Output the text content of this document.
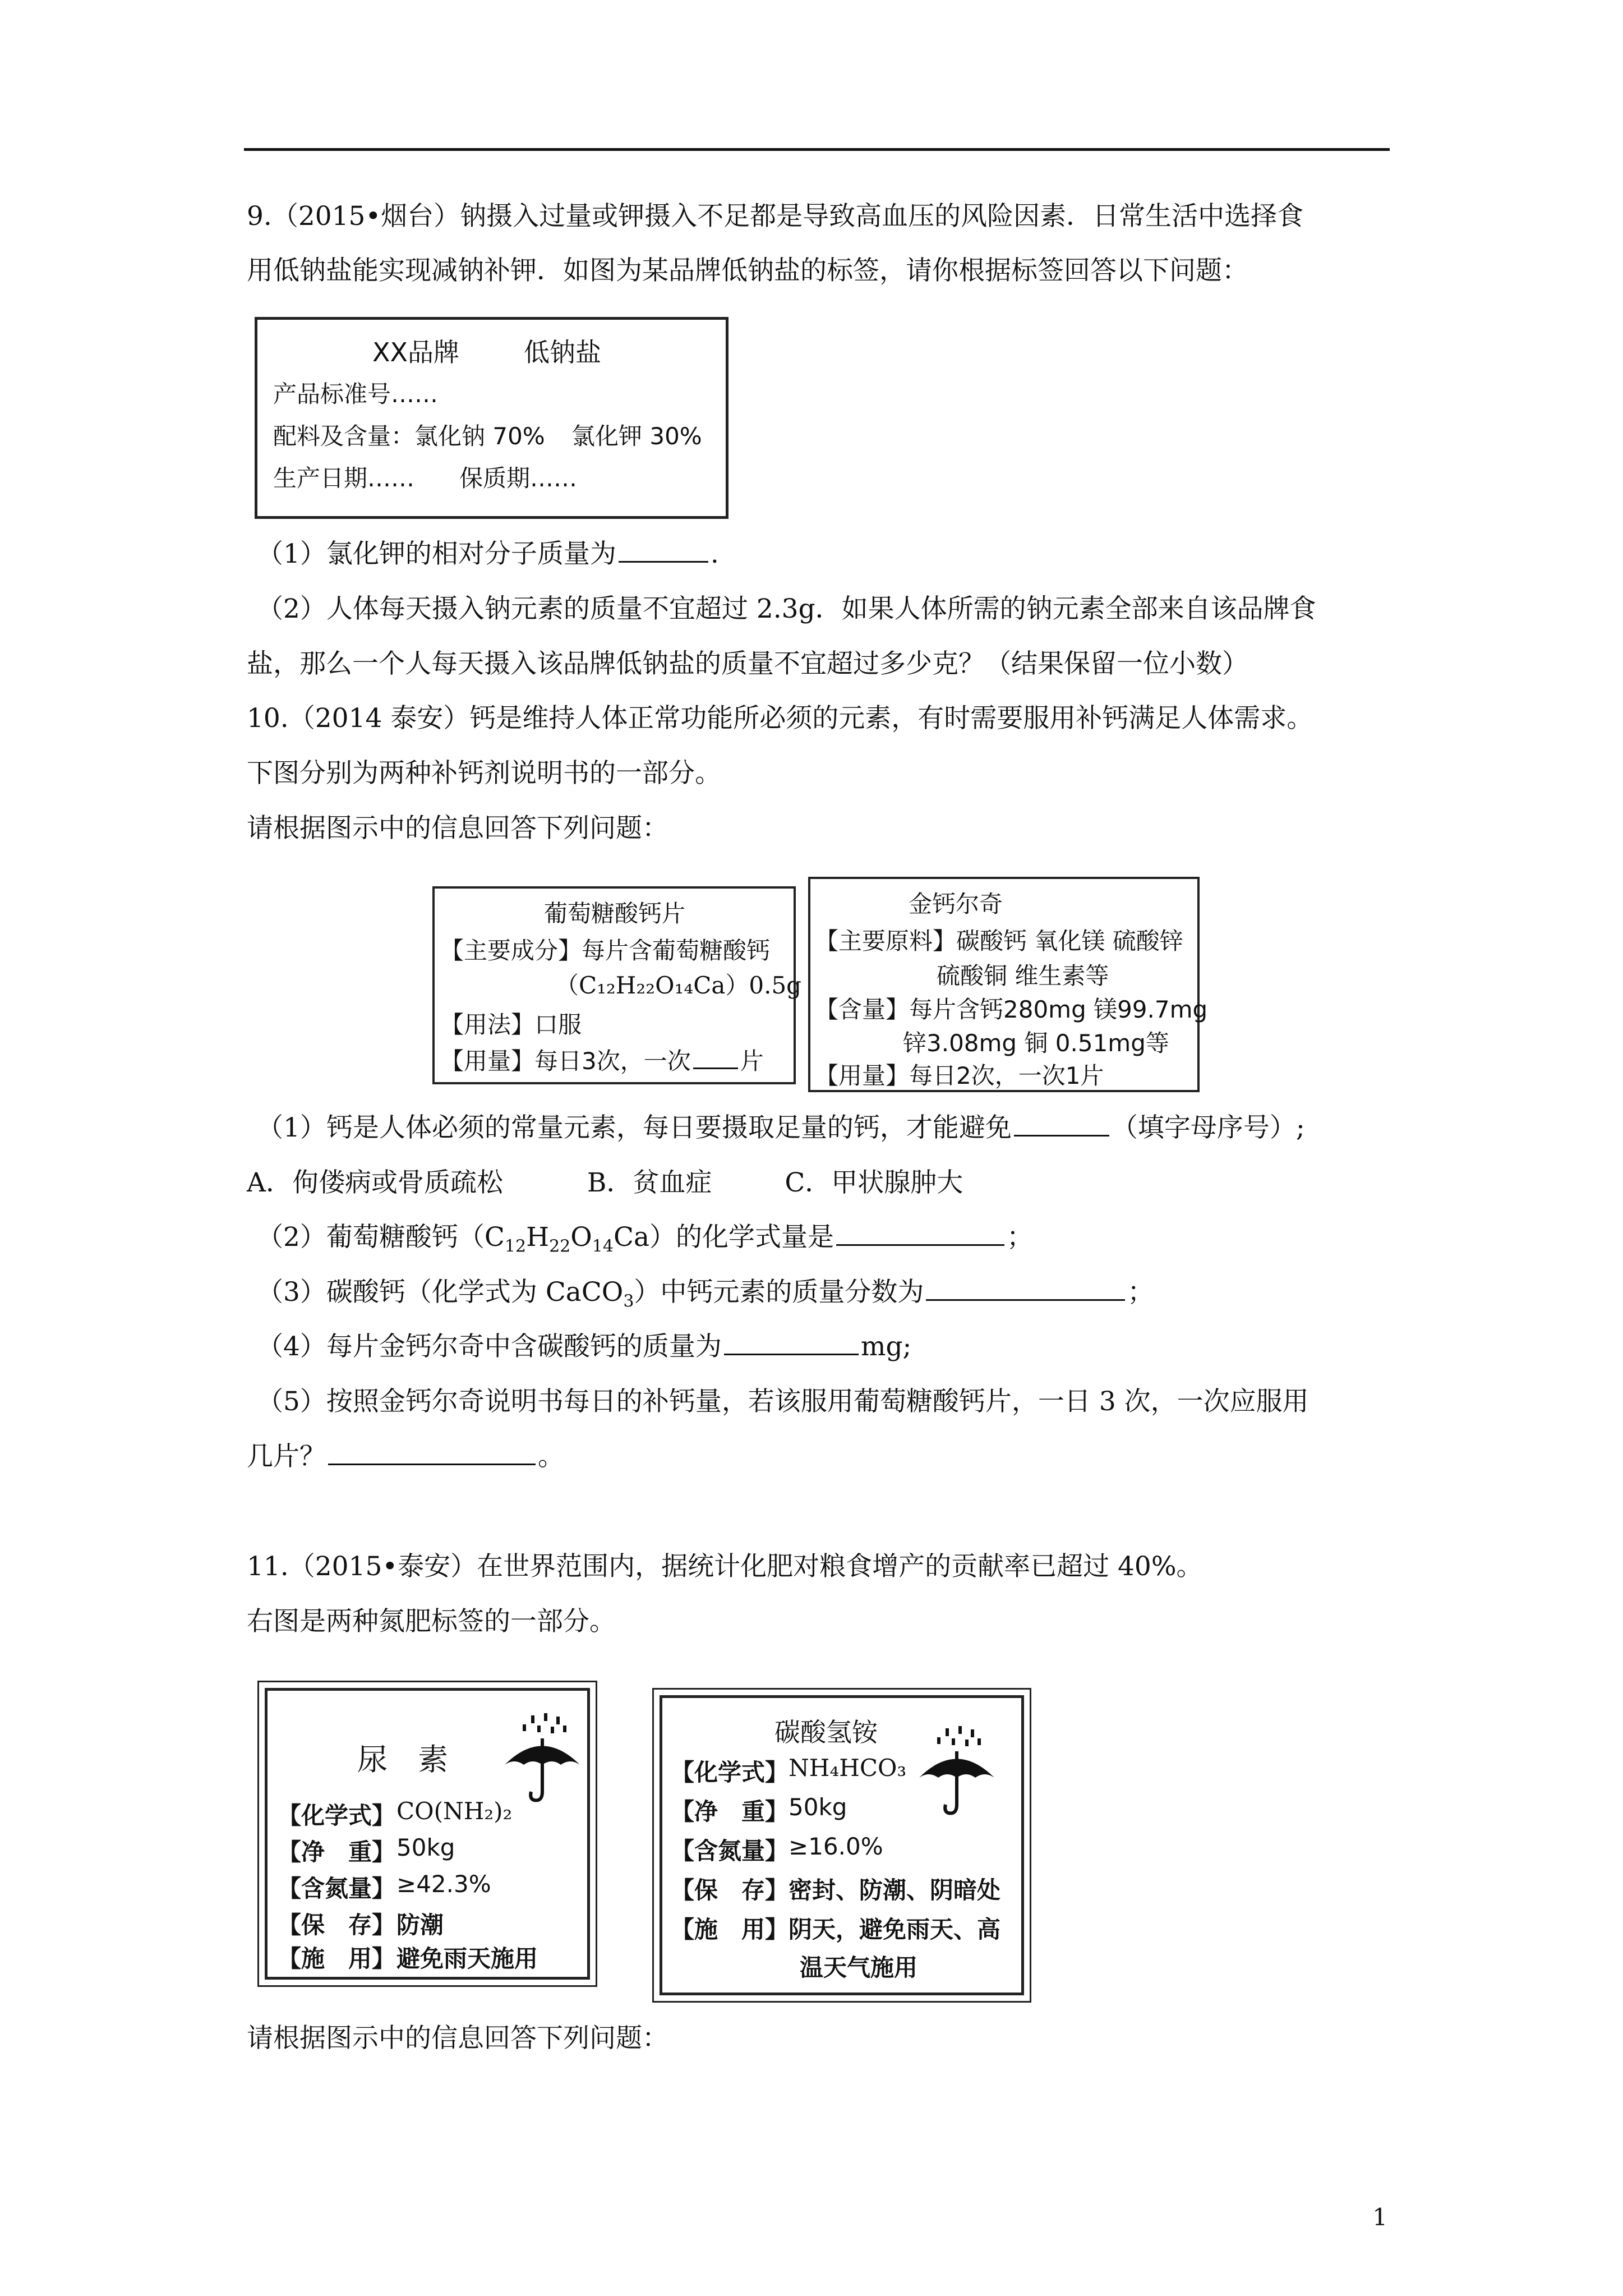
9.（2015•烟台）钠摄入过量或钾摄入不足都是导致高血压的风险因素．日常生活中选择食
用低钠盐能实现减钠补钾．如图为某品牌低钠盐的标签，请你根据标签回答以下问题：
XX品牌 低钠盐
产品标准号……
配料及含量： 氯化钠 70% 氯化钾 30%
生产日期…… 保质期……
（1）氯化钾的相对分子质量为	.
（2）人体每天摄入钠元素的质量不宜超过 2.3g．如果人体所需的钠元素全部来自该品牌食
盐，那么一个人每天摄入该品牌低钠盐的质量不宜超过多少克？（结果保留一位小数）
10.（2014 泰安）钙是维持人体正常功能所必须的元素，有时需要服用补钙满足人体需求。
下图分别为两种补钙剂说明书的一部分。
请根据图示中的信息回答下列问题：
葡萄糖酸钙片
【主要成分】每片含葡萄糖酸钙
（C₁₂H₂₂O₁₄Ca）0.5g
【用法】口服
【用量】每日3次，一次 片
金钙尔奇
【主要原料】碳酸钙 氧化镁 硫酸锌
硫酸铜 维生素等
【含量】每片含钙280mg 镁99.7mg
锌3.08mg 铜 0.51mg等
【用量】每日2次，一次1片
（1）钙是人体必须的常量元素，每日要摄取足量的钙，才能避免	（填字母序号）;
A．佝偻病或骨质疏松	B．贫血症	C．甲状腺肿大
（2）葡萄糖酸钙$(C_{12}H_{22}O_{14}Ca)$的化学式量是	；
（3）碳酸钙（化学式为 CaCO$_3$）中钙元素的质量分数为	；
（4）每片金钙尔奇中含碳酸钙的质量为	mg;
（5）按照金钙尔奇说明书每日的补钙量，若该服用葡萄糖酸钙片，一日 3 次，一次应服用
几片？	。
11.（2015•泰安）在世界范围内，据统计化肥对粮食增产的贡献率已超过 40%。
右图是两种氮肥标签的一部分。
尿　素
【化学式】 CO(NH₂)₂
【净　重】 50kg
【含氮量】 ≥42.3%
【保　存】 防潮
【施　用】 避免雨天施用
碳酸氢铵
【化学式】 NH₄HCO₃
【净　重】 50kg
【含氮量】 ≥16.0%
【保　存】 密封、防潮、阴暗处
【施　用】 阴天，避免雨天、高
温天气施用
请根据图示中的信息回答下列问题：
1
